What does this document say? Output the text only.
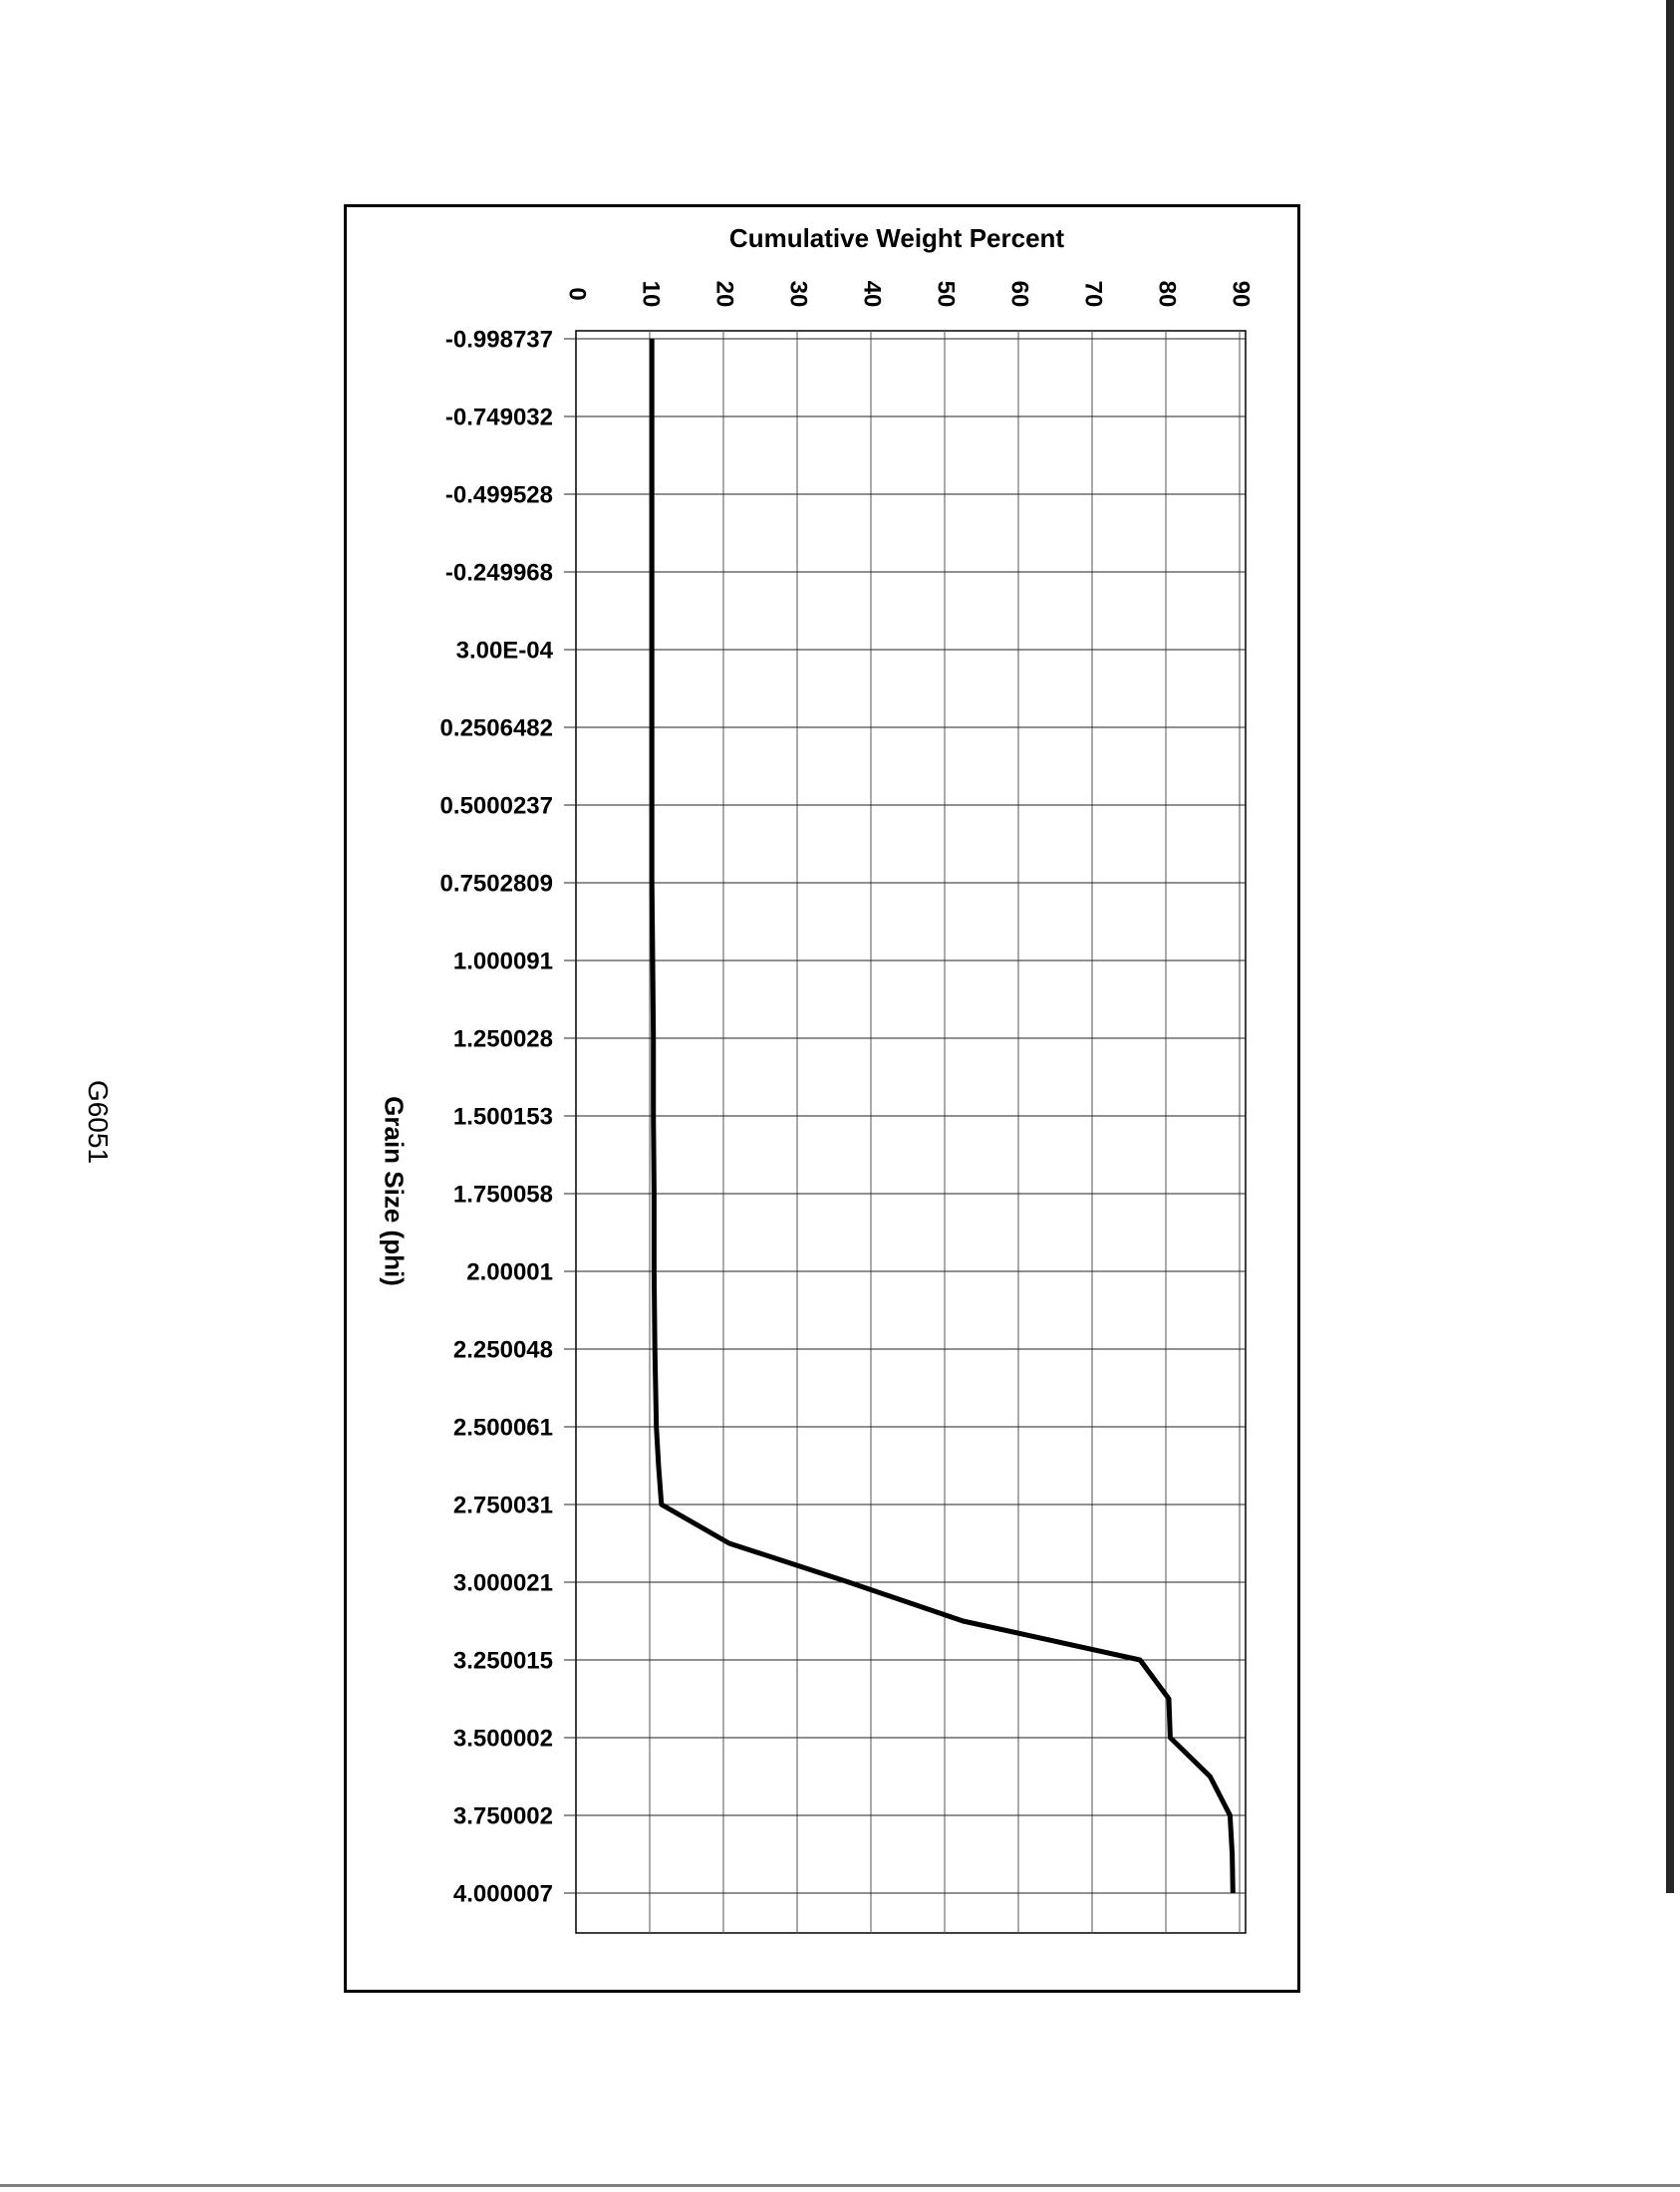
Cumulative Weight Percent
Grain Size (phi)
G6051
0 10 20 30 40 50 60 70 80 90
-0.998737
-0.749032
-0.499528
-0.249968
3.00E-04
0.2506482
0.5000237
0.7502809
1.000091
1.250028
1.500153
1.750058
2.00001
2.250048
2.500061
2.750031
3.000021
3.250015
3.500002
3.750002
4.000007
